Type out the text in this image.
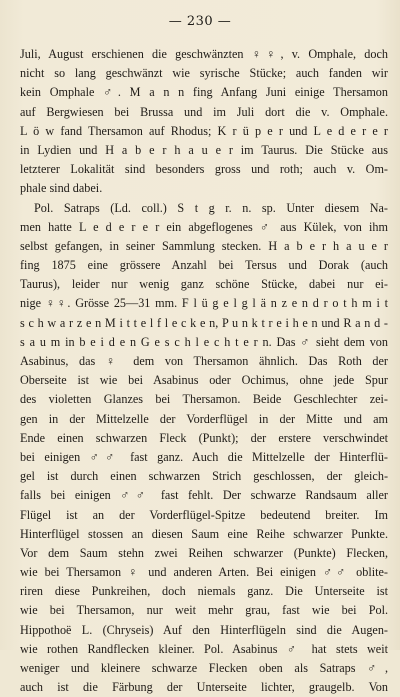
— 230 —
Juli, August erschienen die geschwänzten ♀♀, v. Omphale, doch
nicht so lang geschwänzt wie syrische Stücke; auch fanden wir
kein Omphale ♂. M a n n fing Anfang Juni einige Thersamon
auf Bergwiesen bei Brussa und im Juli dort die v. Omphale.
L ö w fand Thersamon auf Rhodus; K r ü p e r und L e d e r e r
in Lydien und H a b e r h a u e r im Taurus. Die Stücke aus
letzterer Lokalität sind besonders gross und roth; auch v. Om-
phale sind dabei.
Pol. Satraps (Ld. coll.) S t g r. n. sp. Unter diesem Na-
men hatte L e d e r e r ein abgeflogenes ♂ aus Külek, von ihm
selbst gefangen, in seiner Sammlung stecken. H a b e r h a u e r
fing 1875 eine grössere Anzahl bei Tersus und Dorak (auch
Taurus), leider nur wenig ganz schöne Stücke, dabei nur ei-
nige ♀♀. Grösse 25—31 mm. F l ü g e l g l ä n z e n d r o t h m i t
s c h w a r z e n M i t t e l f l e c k e n, P u n k t r e i h e n und R a n d -
s a u m in b e i d e n G e s c h l e c h t e r n. Das ♂ sieht dem von
Asabinus, das ♀ dem von Thersamon ähnlich. Das Roth der
Oberseite ist wie bei Asabinus oder Ochimus, ohne jede Spur
des violetten Glanzes bei Thersamon. Beide Geschlechter zei-
gen in der Mittelzelle der Vorderflügel in der Mitte und am
Ende einen schwarzen Fleck (Punkt); der erstere verschwindet
bei einigen ♂♂ fast ganz. Auch die Mittelzelle der Hinterflü-
gel ist durch einen schwarzen Strich geschlossen, der gleich-
falls bei einigen ♂♂ fast fehlt. Der schwarze Randsaum aller
Flügel ist an der Vorderflügel-Spitze bedeutend breiter. Im
Hinterflügel stossen an diesen Saum eine Reihe schwarzer Punkte.
Vor dem Saum stehn zwei Reihen schwarzer (Punkte) Flecken,
wie bei Thersamon ♀ und anderen Arten. Bei einigen ♂♂ oblite-
riren diese Punkreihen, doch niemals ganz. Die Unterseite ist
wie bei Thersamon, nur weit mehr grau, fast wie bei Pol.
Hippothoë L. (Chryseis) Auf den Hinterflügeln sind die Augen-
wie rothen Randflecken kleiner. Pol. Asabinus ♂ hat stets weit
weniger und kleinere schwarze Flecken oben als Satraps ♂,
auch ist die Färbung der Unterseite lichter, graugelb. Von
